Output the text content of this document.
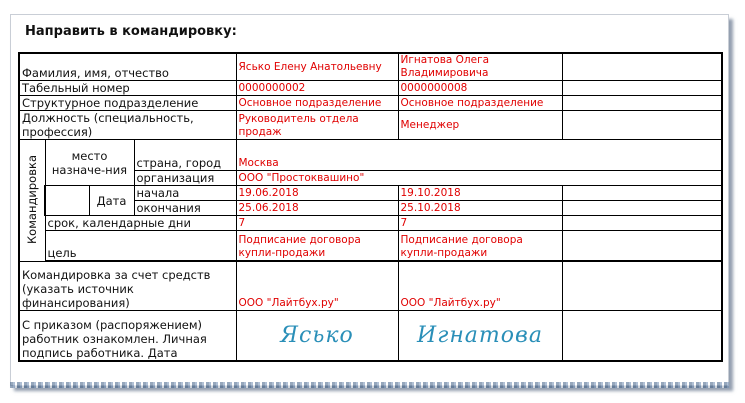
Направить в командировку:
Фамилия, имя, отчество				Ясько Елену Анатольевну	Игнатова Олега Владимировича	
Табельный номер				0000000002	0000000008	
Структурное подразделение				Основное подразделение	Основное подразделение	
Должность (специальность, профессия)				Руководитель отдела продаж	Менеджер	
Командировка	место назначе-ния		страна, город	Москва		
			организация	ООО "Простоквашино"		
		Дата	начала	19.06.2018	19.10.2018	
			окончания	25.06.2018	25.10.2018	
	срок, календарные дни			7	7	
	цель			Подписание договора купли-продажи	Подписание договора купли-продажи	

Командировка за счет средств (указать источник финансирования)				ООО "Лайтбух.ру"	ООО "Лайтбух.ру"	
С приказом (распоряжением) работник ознакомлен. Личная подпись работника. Дата				Ясько	Игнатова	
